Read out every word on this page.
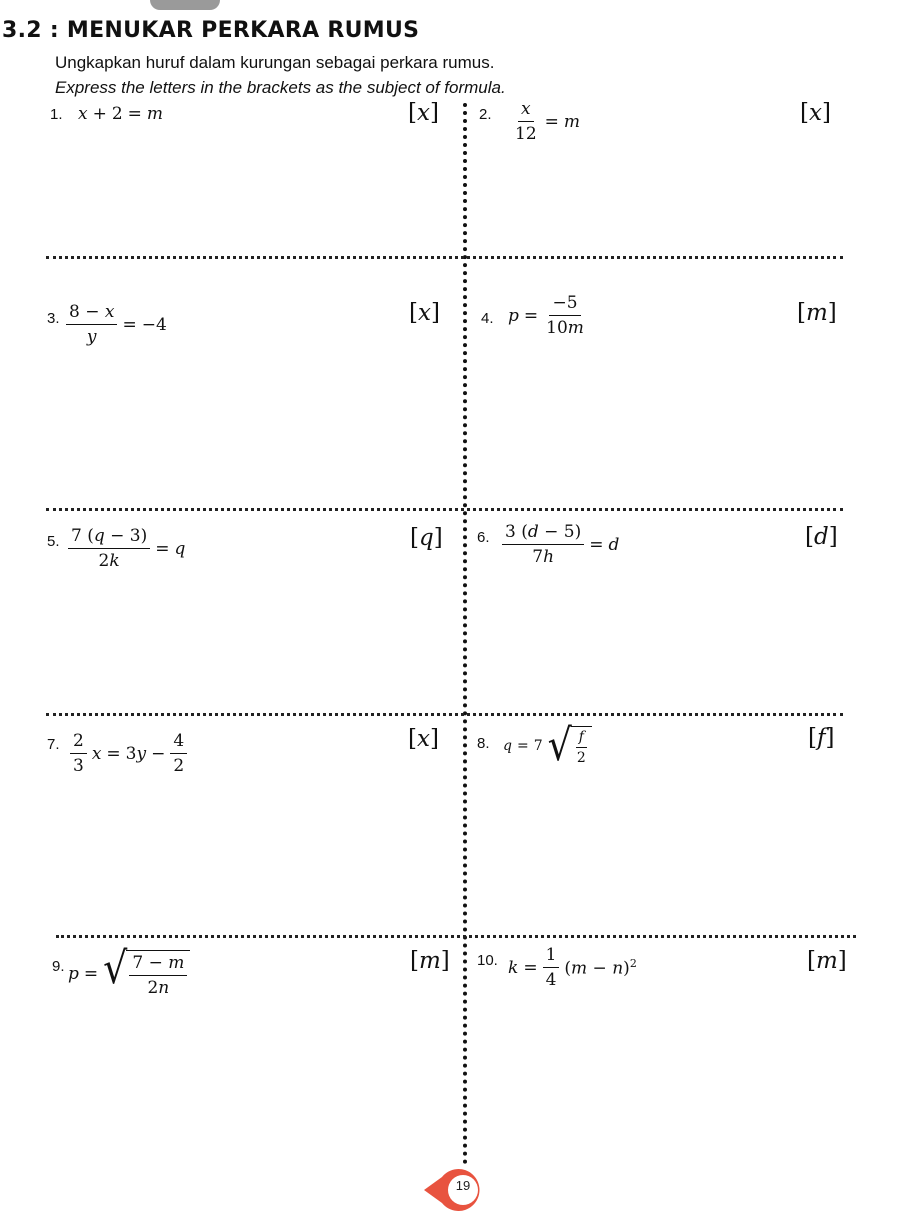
3.2 : MENUKAR PERKARA RUMUS
Ungkapkan huruf dalam kurungan sebagai perkara rumus.
Express the letters in the brackets as the subject of formula.
1. x + 2 = m	[x]	2. $\frac{x}{12} = m$	[x]
3. $\frac{8 - x}{y} = -4$	[x]	4. $p = \frac{-5}{10m}$	[m]
5. $\frac{7 (q - 3)}{2k} = q$	[q] 6. $\frac{3 (d - 5)}{7h} = d$	[d]
7. $\frac{2}{3}$ $x = 3y - \frac{4}{2}$	[x]	8. q = 7 √ $\frac{f}{2}$	[f]
9. p = √ $\frac{7 - m}{2n}$	[m] 10. $k = \frac{1}{4} (m - n)^2$	[m]
19
